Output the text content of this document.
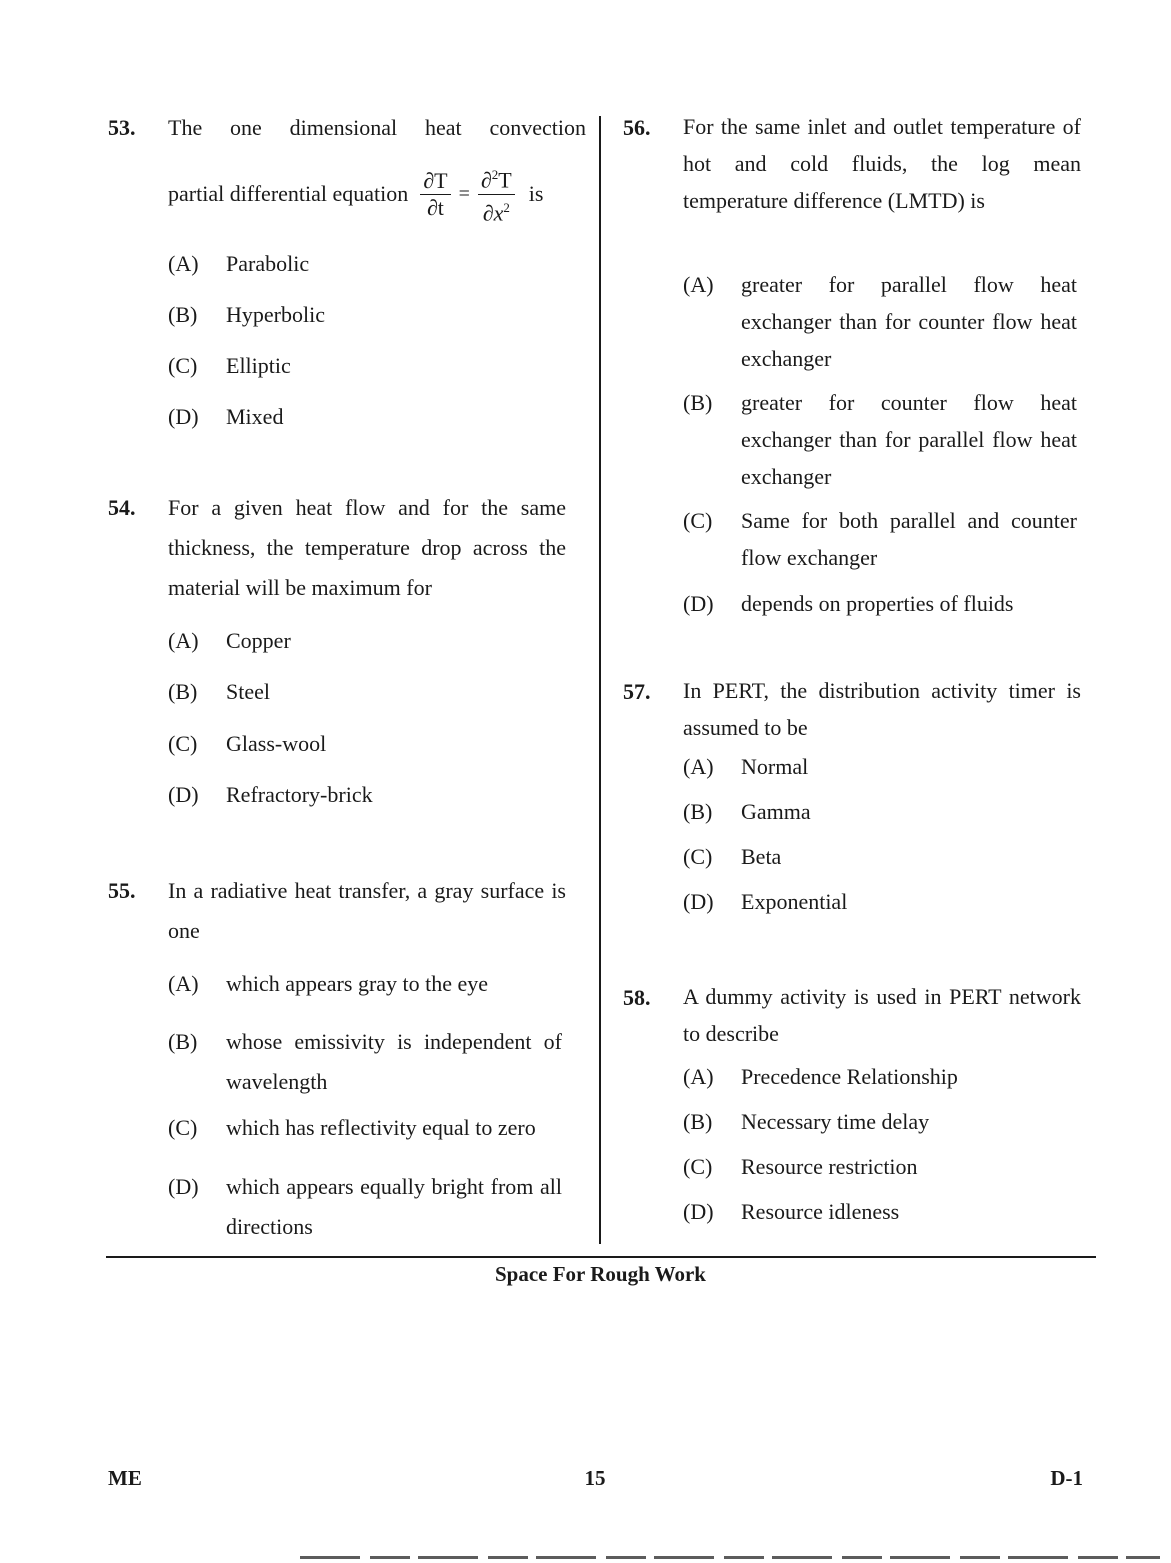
53.	The one dimensional heat convection
partial differential equation $\frac{\partial T}{\partial t} = \frac{\partial^2T}{\partial x^2}$ is
(A)	Parabolic
(B)	Hyperbolic
(C)	Elliptic
(D)	Mixed
54.	For a given heat flow and for the same thickness, the temperature drop across the material will be maximum for
(A)	Copper
(B)	Steel
(C)	Glass-wool
(D)	Refractory-brick
55.	In a radiative heat transfer, a gray surface is one
(A)	which appears gray to the eye
(B)	whose emissivity is independent of wavelength
(C)	which has reflectivity equal to zero
(D)	which appears equally bright from all directions
56.	For the same inlet and outlet temperature of hot and cold fluids, the log mean temperature difference (LMTD) is
(A)	greater for parallel flow heat exchanger than for counter flow heat exchanger
(B)	greater for counter flow heat exchanger than for parallel flow heat exchanger
(C)	Same for both parallel and counter flow exchanger
(D)	depends on properties of fluids
57.	In PERT, the distribution activity timer is assumed to be
(A)	Normal
(B)	Gamma
(C)	Beta
(D)	Exponential
58.	A dummy activity is used in PERT network to describe
(A)	Precedence Relationship
(B)	Necessary time delay
(C)	Resource restriction
(D)	Resource idleness
Space For Rough Work
ME	15	D-1
